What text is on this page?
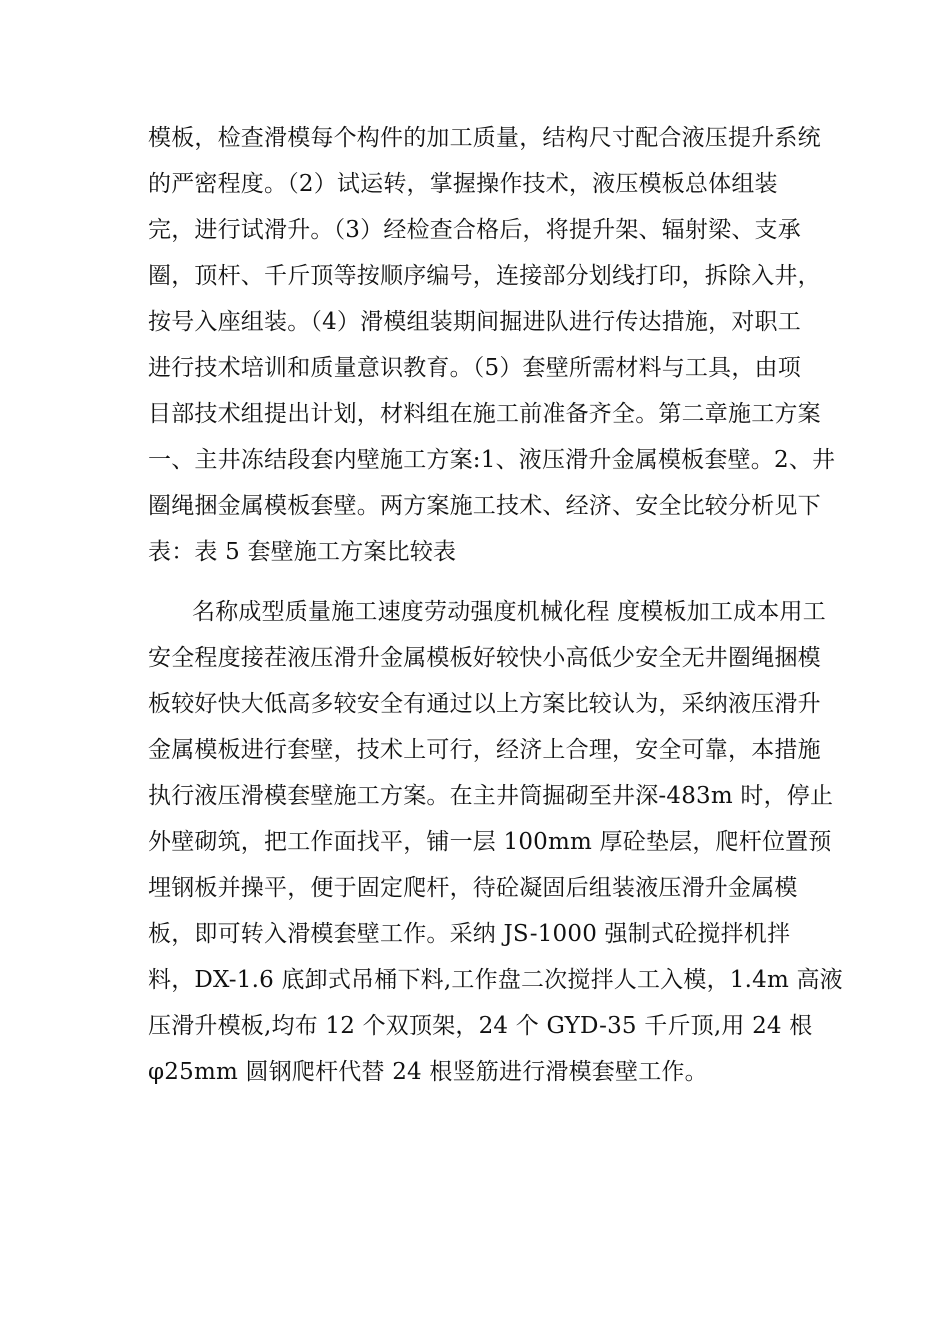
模板，检查滑模每个构件的加工质量，结构尺寸配合液压提升系统
的严密程度。（2）试运转，掌握操作技术，液压模板总体组装
完，进行试滑升。（3）经检查合格后，将提升架、辐射梁、支承
圈，顶杆、千斤顶等按顺序编号，连接部分划线打印，拆除入井，
按号入座组装。（4）滑模组装期间掘进队进行传达措施，对职工
进行技术培训和质量意识教育。（5）套壁所需材料与工具，由项
目部技术组提出计划，材料组在施工前准备齐全。第二章施工方案
一、主井冻结段套内壁施工方案:1、液压滑升金属模板套壁。2、井
圈绳捆金属模板套壁。两方案施工技术、经济、安全比较分析见下
表：表 5 套壁施工方案比较表
名称成型质量施工速度劳动强度机械化程 度模板加工成本用工
安全程度接茬液压滑升金属模板好较快小高低少安全无井圈绳捆模
板较好快大低高多较安全有通过以上方案比较认为，采纳液压滑升
金属模板进行套壁，技术上可行，经济上合理，安全可靠，本措施
执行液压滑模套壁施工方案。在主井筒掘砌至井深-483m 时，停止
外壁砌筑，把工作面找平，铺一层 100mm 厚砼垫层，爬杆位置预
埋钢板并操平，便于固定爬杆，待砼凝固后组装液压滑升金属模
板，即可转入滑模套壁工作。采纳 JS-1000 强制式砼搅拌机拌
料，DX-1.6 底卸式吊桶下料,工作盘二次搅拌人工入模，1.4m 高液
压滑升模板,均布 12 个双顶架，24 个 GYD-35 千斤顶,用 24 根
φ25mm 圆钢爬杆代替 24 根竖筋进行滑模套壁工作。
